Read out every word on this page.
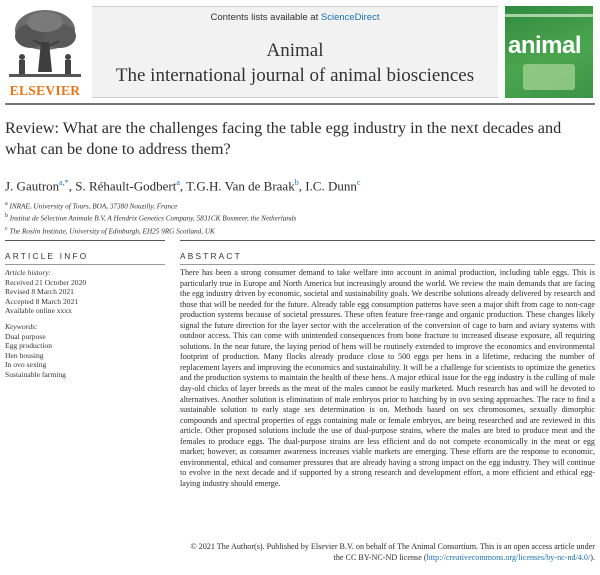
ELSEVIER
Contents lists available at ScienceDirect
Animal
The international journal of animal biosciences
animal
Review: What are the challenges facing the table egg industry in the next decades and what can be done to address them?
J. Gautron$^{a,*}$, S. Réhault-Godbert$^a$, T.G.H. Van de Braak$^b$, I.C. Dunn$^c$
$^a$ INRAE, University of Tours, BOA, 37380 Nouzilly, France
$^b$ Institut de Sélection Animale B.V, A Hendrix Genetics Company, 5831CK Boxmeer, the Netherlands
$^c$ The Roslin Institute, University of Edinburgh, EH25 9RG Scotland, UK
ARTICLE INFO	ABSTRACT
Article history:
Received 21 October 2020
Revised 8 March 2021
Accepted 8 March 2021
Available online xxxx
Keywords:
Dual purpose
Egg production
Hen housing
In ovo sexing
Sustainable farming
There has been a strong consumer demand to take welfare into account in animal production, including table eggs. This is particularly true in Europe and North America but increasingly around the world. We review the main demands that are facing the egg industry driven by economic, societal and sustainability goals. We describe solutions already delivered by research and those that will be needed for the future. Already table egg consumption patterns have seen a major shift from cage to non-cage production systems because of societal pressures. These often feature free-range and organic production. These changes likely signal the future direction for the layer sector with the acceleration of the conversion of cage to barn and aviary systems with outdoor access. This can come with unintended consequences from bone fracture to increased disease exposure, all requiring solutions. In the near future, the laying period of hens will be routinely extended to improve the economics and environmental footprint of production. Many flocks already produce close to 500 eggs per hens in a lifetime, reducing the number of replacement layers and improving the economics and sustainability. It will be a challenge for scientists to optimize the genetics and the production systems to maintain the health of these hens. A major ethical issue for the egg industry is the culling of male day-old chicks of layer breeds as the meat of the males cannot be easily marketed. Much research has and will be devoted to alternatives. Another solution is elimination of male embryos prior to hatching by in ovo sexing approaches. The race to find a sustainable solution to early stage sex determination is on. Methods based on sex chromosomes, sexually dimorphic compounds and spectral properties of eggs containing male or female embryos, are being researched and are reviewed in this article. Other proposed solutions include the use of dual-purpose strains, where the males are bred to produce meat and the females to produce eggs. The dual-purpose strains are less efficient and do not compete economically in the meat or egg market; however, as consumer awareness increases viable markets are emerging. These efforts are the response to economic, environmental, ethical and consumer pressures that are already having a strong impact on the egg industry. They will continue to evolve in the next decade and if supported by a strong research and development effort, a more efficient and ethical egg-laying industry should emerge.
© 2021 The Author(s). Published by Elsevier B.V. on behalf of The Animal Consortium. This is an open access article under the CC BY-NC-ND license (http://creativecommons.org/licenses/by-nc-nd/4.0/).
